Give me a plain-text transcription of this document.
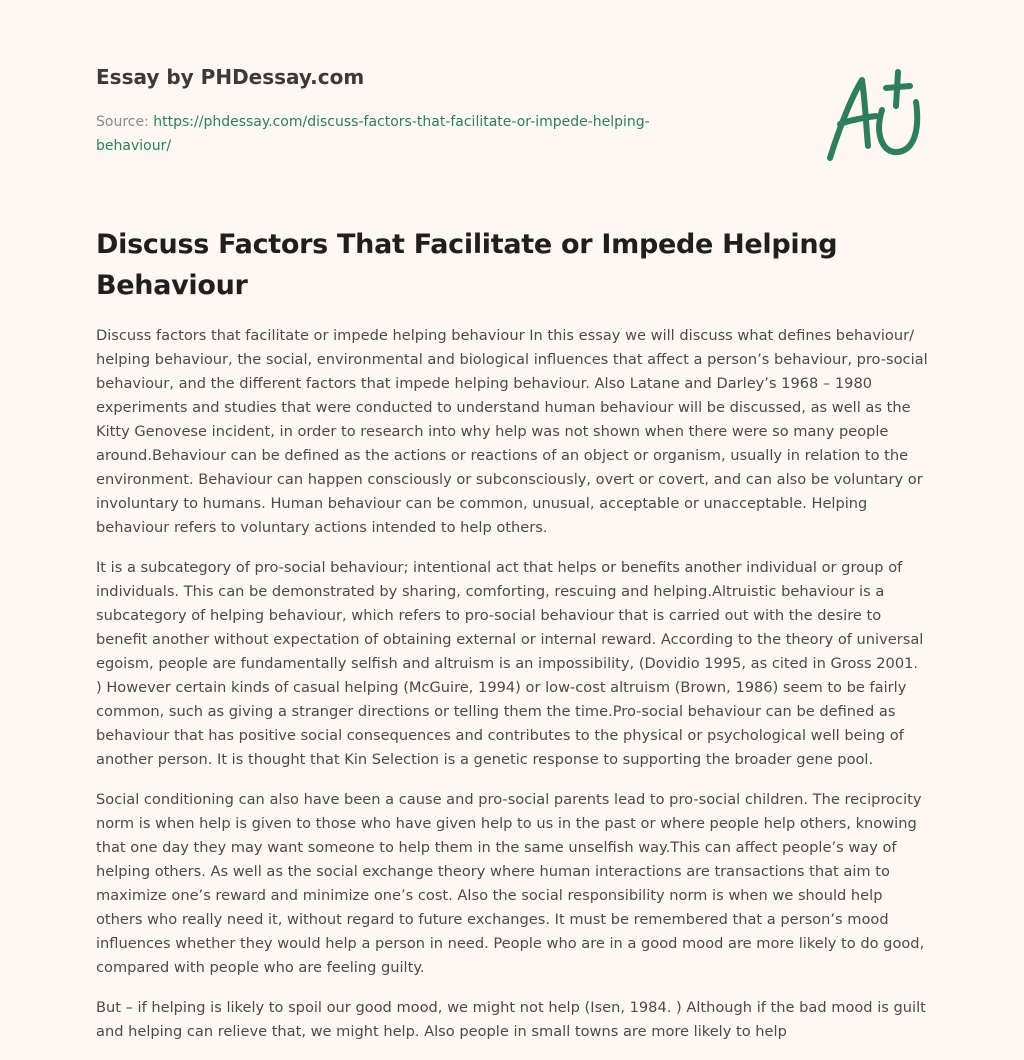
Essay by PHDessay.com
Source: https://phdessay.com/discuss-factors-that-facilitate-or-impede-helping-behaviour/
Discuss Factors That Facilitate or Impede Helping Behaviour

Discuss factors that facilitate or impede helping behaviour In this essay we will discuss what defines behaviour/ helping behaviour, the social, environmental and biological influences that affect a person’s behaviour, pro-social behaviour, and the different factors that impede helping behaviour. Also Latane and Darley’s 1968 – 1980 experiments and studies that were conducted to understand human behaviour will be discussed, as well as the Kitty Genovese incident, in order to research into why help was not shown when there were so many people around.Behaviour can be defined as the actions or reactions of an object or organism, usually in relation to the environment. Behaviour can happen consciously or subconsciously, overt or covert, and can also be voluntary or involuntary to humans. Human behaviour can be common, unusual, acceptable or unacceptable. Helping behaviour refers to voluntary actions intended to help others.

It is a subcategory of pro-social behaviour; intentional act that helps or benefits another individual or group of individuals. This can be demonstrated by sharing, comforting, rescuing and helping.Altruistic behaviour is a subcategory of helping behaviour, which refers to pro-social behaviour that is carried out with the desire to benefit another without expectation of obtaining external or internal reward. According to the theory of universal egoism, people are fundamentally selfish and altruism is an impossibility, (Dovidio 1995, as cited in Gross 2001. ) However certain kinds of casual helping (McGuire, 1994) or low-cost altruism (Brown, 1986) seem to be fairly common, such as giving a stranger directions or telling them the time.Pro-social behaviour can be defined as behaviour that has positive social consequences and contributes to the physical or psychological well being of another person. It is thought that Kin Selection is a genetic response to supporting the broader gene pool.

Social conditioning can also have been a cause and pro-social parents lead to pro-social children. The reciprocity norm is when help is given to those who have given help to us in the past or where people help others, knowing that one day they may want someone to help them in the same unselfish way.This can affect people’s way of helping others. As well as the social exchange theory where human interactions are transactions that aim to maximize one’s reward and minimize one’s cost. Also the social responsibility norm is when we should help others who really need it, without regard to future exchanges. It must be remembered that a person’s mood influences whether they would help a person in need. People who are in a good mood are more likely to do good, compared with people who are feeling guilty.

But – if helping is likely to spoil our good mood, we might not help (Isen, 1984. ) Although if the bad mood is guilt and helping can relieve that, we might help. Also people in small towns are more likely to help
